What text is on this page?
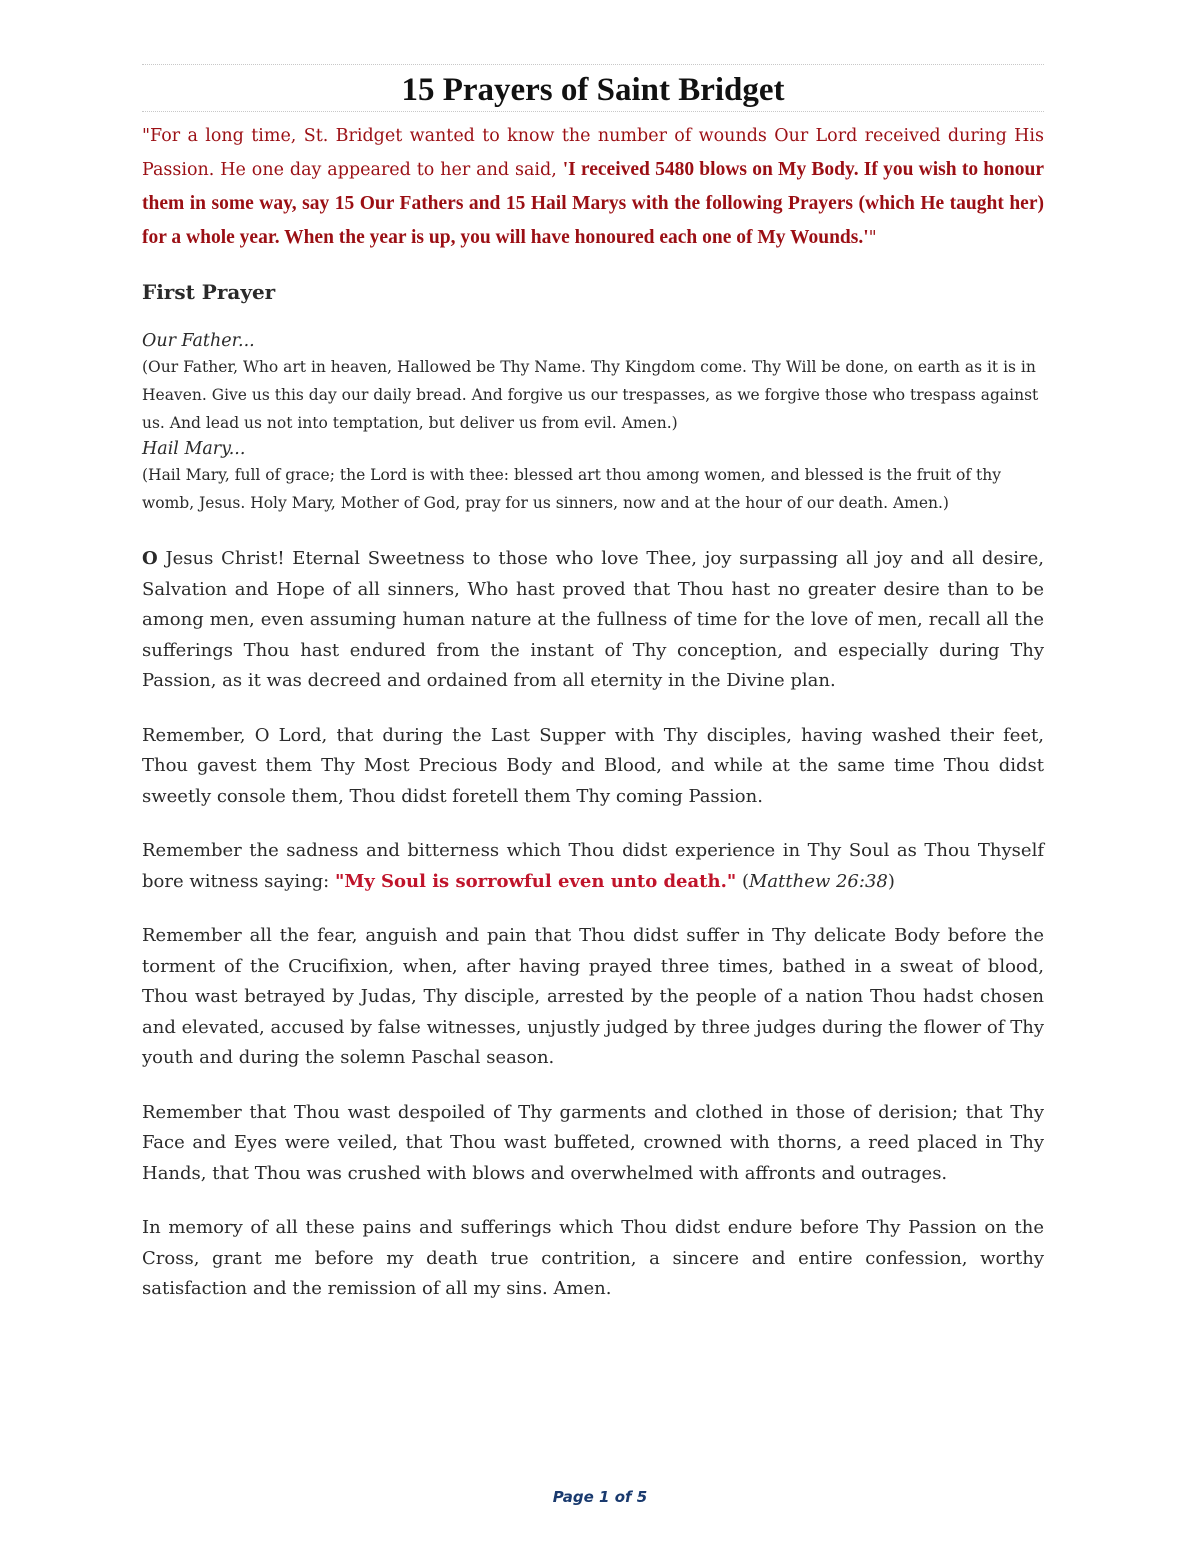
15 Prayers of Saint Bridget

"For a long time, St. Bridget wanted to know the number of wounds Our Lord received during His Passion. He one day appeared to her and said, 'I received 5480 blows on My Body. If you wish to honour them in some way, say 15 Our Fathers and 15 Hail Marys with the following Prayers (which He taught her) for a whole year. When the year is up, you will have honoured each one of My Wounds.'"

First Prayer
Our Father...

(Our Father, Who art in heaven, Hallowed be Thy Name. Thy Kingdom come. Thy Will be done, on earth as it is in Heaven. Give us this day our daily bread. And forgive us our trespasses, as we forgive those who trespass against us. And lead us not into temptation, but deliver us from evil. Amen.)

Hail Mary...

(Hail Mary, full of grace; the Lord is with thee: blessed art thou among women, and blessed is the fruit of thy womb, Jesus. Holy Mary, Mother of God, pray for us sinners, now and at the hour of our death. Amen.)

O Jesus Christ! Eternal Sweetness to those who love Thee, joy surpassing all joy and all desire, Salvation and Hope of all sinners, Who hast proved that Thou hast no greater desire than to be among men, even assuming human nature at the fullness of time for the love of men, recall all the sufferings Thou hast endured from the instant of Thy conception, and especially during Thy Passion, as it was decreed and ordained from all eternity in the Divine plan.

Remember, O Lord, that during the Last Supper with Thy disciples, having washed their feet, Thou gavest them Thy Most Precious Body and Blood, and while at the same time Thou didst sweetly console them, Thou didst foretell them Thy coming Passion.

Remember the sadness and bitterness which Thou didst experience in Thy Soul as Thou Thyself bore witness saying: "My Soul is sorrowful even unto death." (Matthew 26:38)

Remember all the fear, anguish and pain that Thou didst suffer in Thy delicate Body before the torment of the Crucifixion, when, after having prayed three times, bathed in a sweat of blood, Thou wast betrayed by Judas, Thy disciple, arrested by the people of a nation Thou hadst chosen and elevated, accused by false witnesses, unjustly judged by three judges during the flower of Thy youth and during the solemn Paschal season.

Remember that Thou wast despoiled of Thy garments and clothed in those of derision; that Thy Face and Eyes were veiled, that Thou wast buffeted, crowned with thorns, a reed placed in Thy Hands, that Thou was crushed with blows and overwhelmed with affronts and outrages.

In memory of all these pains and sufferings which Thou didst endure before Thy Passion on the Cross, grant me before my death true contrition, a sincere and entire confession, worthy satisfaction and the remission of all my sins. Amen.

Page 1 of 5
